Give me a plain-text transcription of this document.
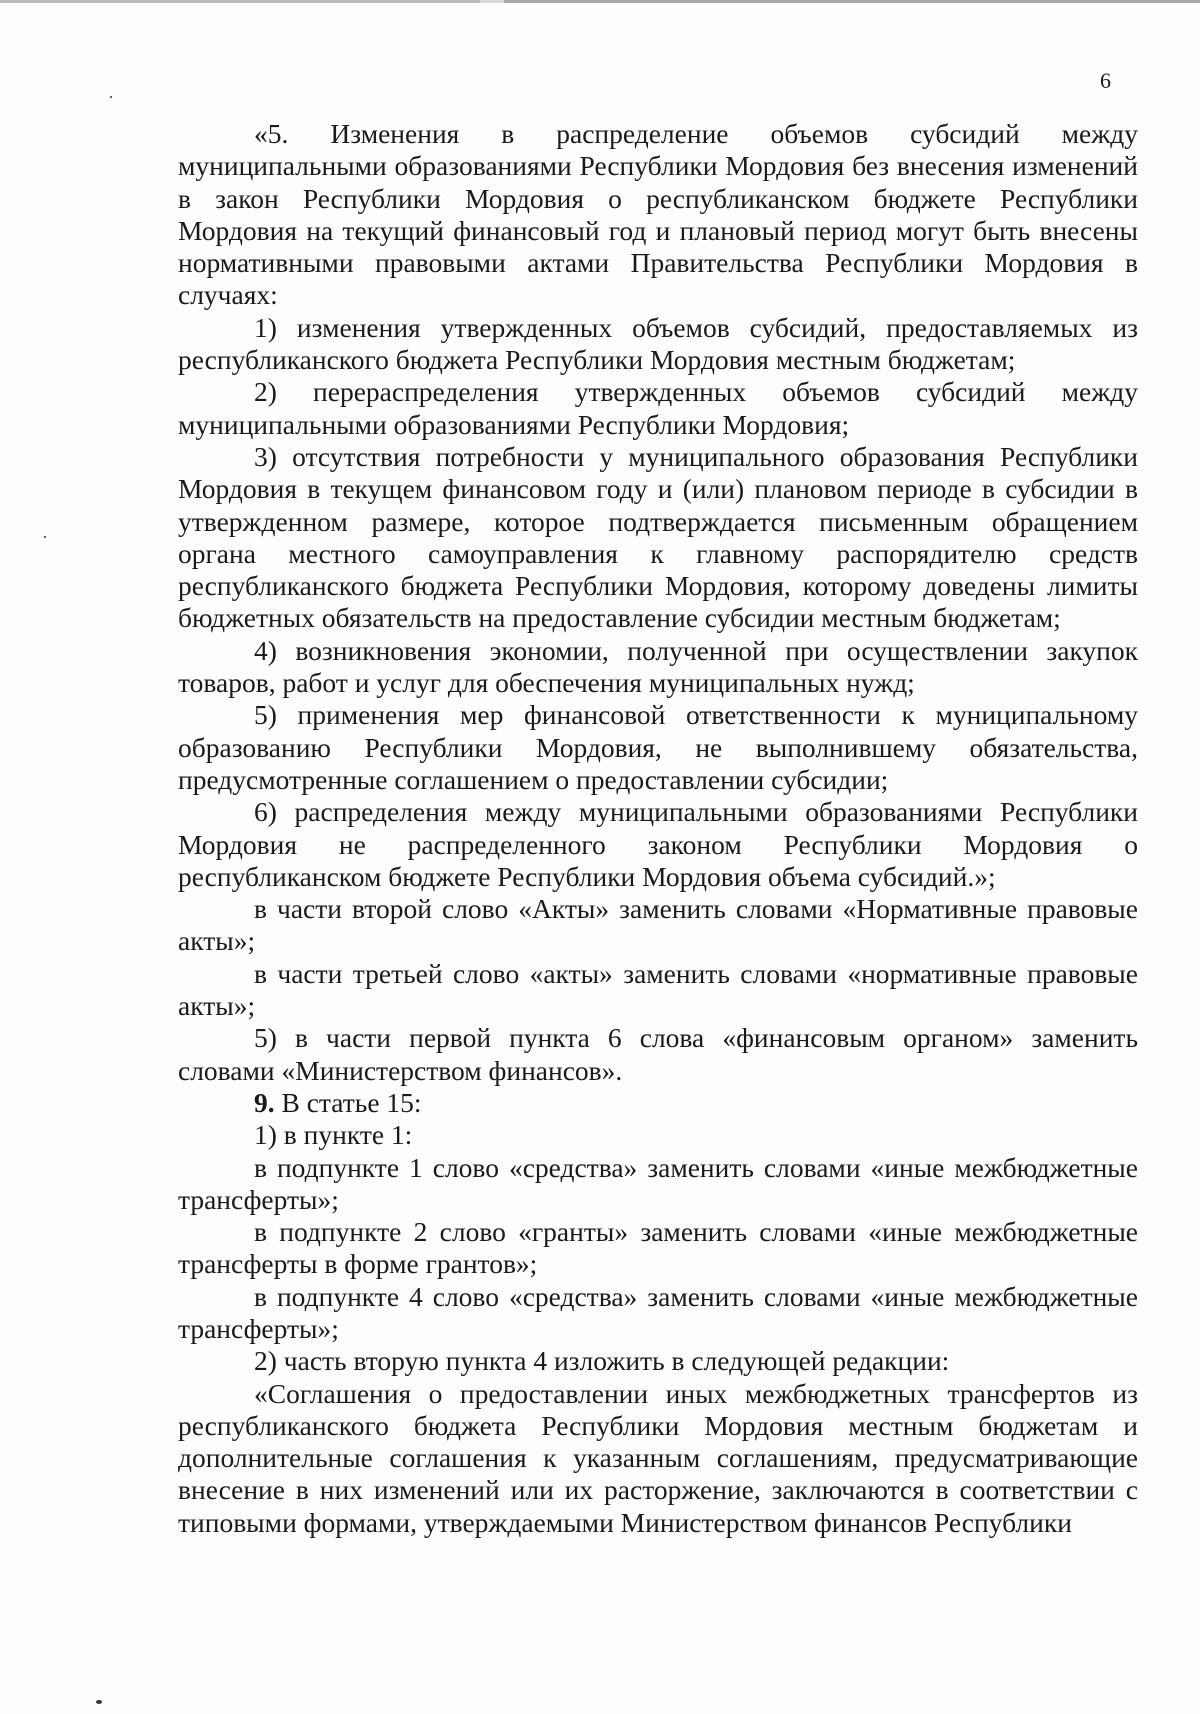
6

«5. Изменения в распределение объемов субсидий между муниципальными образованиями Республики Мордовия без внесения изменений в закон Республики Мордовия о республиканском бюджете Республики Мордовия на текущий финансовый год и плановый период могут быть внесены нормативными правовыми актами Правительства Республики Мордовия в случаях:

1) изменения утвержденных объемов субсидий, предоставляемых из республиканского бюджета Республики Мордовия местным бюджетам;

2) перераспределения утвержденных объемов субсидий между муниципальными образованиями Республики Мордовия;

3) отсутствия потребности у муниципального образования Республики Мордовия в текущем финансовом году и (или) плановом периоде в субсидии в утвержденном размере, которое подтверждается письменным обращением органа местного самоуправления к главному распорядителю средств республиканского бюджета Республики Мордовия, которому доведены лимиты бюджетных обязательств на предоставление субсидии местным бюджетам;

4) возникновения экономии, полученной при осуществлении закупок товаров, работ и услуг для обеспечения муниципальных нужд;

5) применения мер финансовой ответственности к муниципальному образованию Республики Мордовия, не выполнившему обязательства, предусмотренные соглашением о предоставлении субсидии;

6) распределения между муниципальными образованиями Республики Мордовия не распределенного законом Республики Мордовия о республиканском бюджете Республики Мордовия объема субсидий.»;

в части второй слово «Акты» заменить словами «Нормативные правовые акты»;

в части третьей слово «акты» заменить словами «нормативные правовые акты»;

5) в части первой пункта 6 слова «финансовым органом» заменить словами «Министерством финансов».

9. В статье 15:

1) в пункте 1:

в подпункте 1 слово «средства» заменить словами «иные межбюджетные трансферты»;

в подпункте 2 слово «гранты» заменить словами «иные межбюджетные трансферты в форме грантов»;

в подпункте 4 слово «средства» заменить словами «иные межбюджетные трансферты»;

2) часть вторую пункта 4 изложить в следующей редакции:

«Соглашения о предоставлении иных межбюджетных трансфертов из республиканского бюджета Республики Мордовия местным бюджетам и дополнительные соглашения к указанным соглашениям, предусматривающие внесение в них изменений или их расторжение, заключаются в соответствии с типовыми формами, утверждаемыми Министерством финансов Республики
